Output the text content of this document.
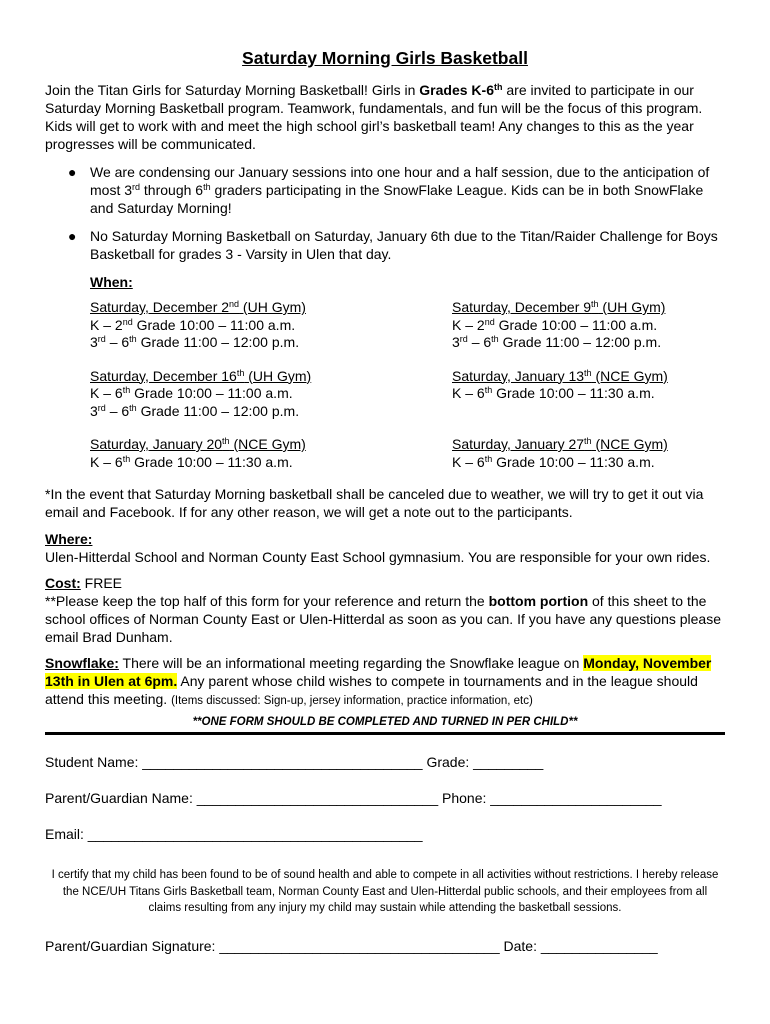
Saturday Morning Girls Basketball

Join the Titan Girls for Saturday Morning Basketball! Girls in Grades K-6th are invited to participate in our Saturday Morning Basketball program. Teamwork, fundamentals, and fun will be the focus of this program. Kids will get to work with and meet the high school girl’s basketball team! Any changes to this as the year progresses will be communicated.

● We are condensing our January sessions into one hour and a half session, due to the anticipation of most 3rd through 6th graders participating in the SnowFlake League. Kids can be in both SnowFlake and Saturday Morning!
● No Saturday Morning Basketball on Saturday, January 6th due to the Titan/Raider Challenge for Boys Basketball for grades 3 - Varsity in Ulen that day.
When:
Saturday, December 2nd (UH Gym)
K – 2nd Grade 10:00 – 11:00 a.m.
3rd – 6th Grade 11:00 – 12:00 p.m.
Saturday, December 9th (UH Gym)
K – 2nd Grade 10:00 – 11:00 a.m.
3rd – 6th Grade 11:00 – 12:00 p.m.
Saturday, December 16th (UH Gym)
K – 6th Grade 10:00 – 11:00 a.m.
3rd – 6th Grade 11:00 – 12:00 p.m.
Saturday, January 13th (NCE Gym)
K – 6th Grade 10:00 – 11:30 a.m.
Saturday, January 20th (NCE Gym)
K – 6th Grade 10:00 – 11:30 a.m.
Saturday, January 27th (NCE Gym)
K – 6th Grade 10:00 – 11:30 a.m.

*In the event that Saturday Morning basketball shall be canceled due to weather, we will try to get it out via email and Facebook. If for any other reason, we will get a note out to the participants.

Where:

Ulen-Hitterdal School and Norman County East School gymnasium. You are responsible for your own rides.

Cost: FREE

**Please keep the top half of this form for your reference and return the bottom portion of this sheet to the school offices of Norman County East or Ulen-Hitterdal as soon as you can. If you have any questions please email Brad Dunham.

Snowflake: There will be an informational meeting regarding the Snowflake league on Monday, November 13th in Ulen at 6pm. Any parent whose child wishes to compete in tournaments and in the league should attend this meeting. (Items discussed: Sign-up, jersey information, practice information, etc)

**ONE FORM SHOULD BE COMPLETED AND TURNED IN PER CHILD**
Student Name: ____________________________________ Grade: _________
Parent/Guardian Name: _______________________________ Phone: ______________________
Email: ___________________________________________

I certify that my child has been found to be of sound health and able to compete in all activities without restrictions. I hereby release the NCE/UH Titans Girls Basketball team, Norman County East and Ulen-Hitterdal public schools, and their employees from all claims resulting from any injury my child may sustain while attending the basketball sessions.

Parent/Guardian Signature: ____________________________________ Date: _______________
